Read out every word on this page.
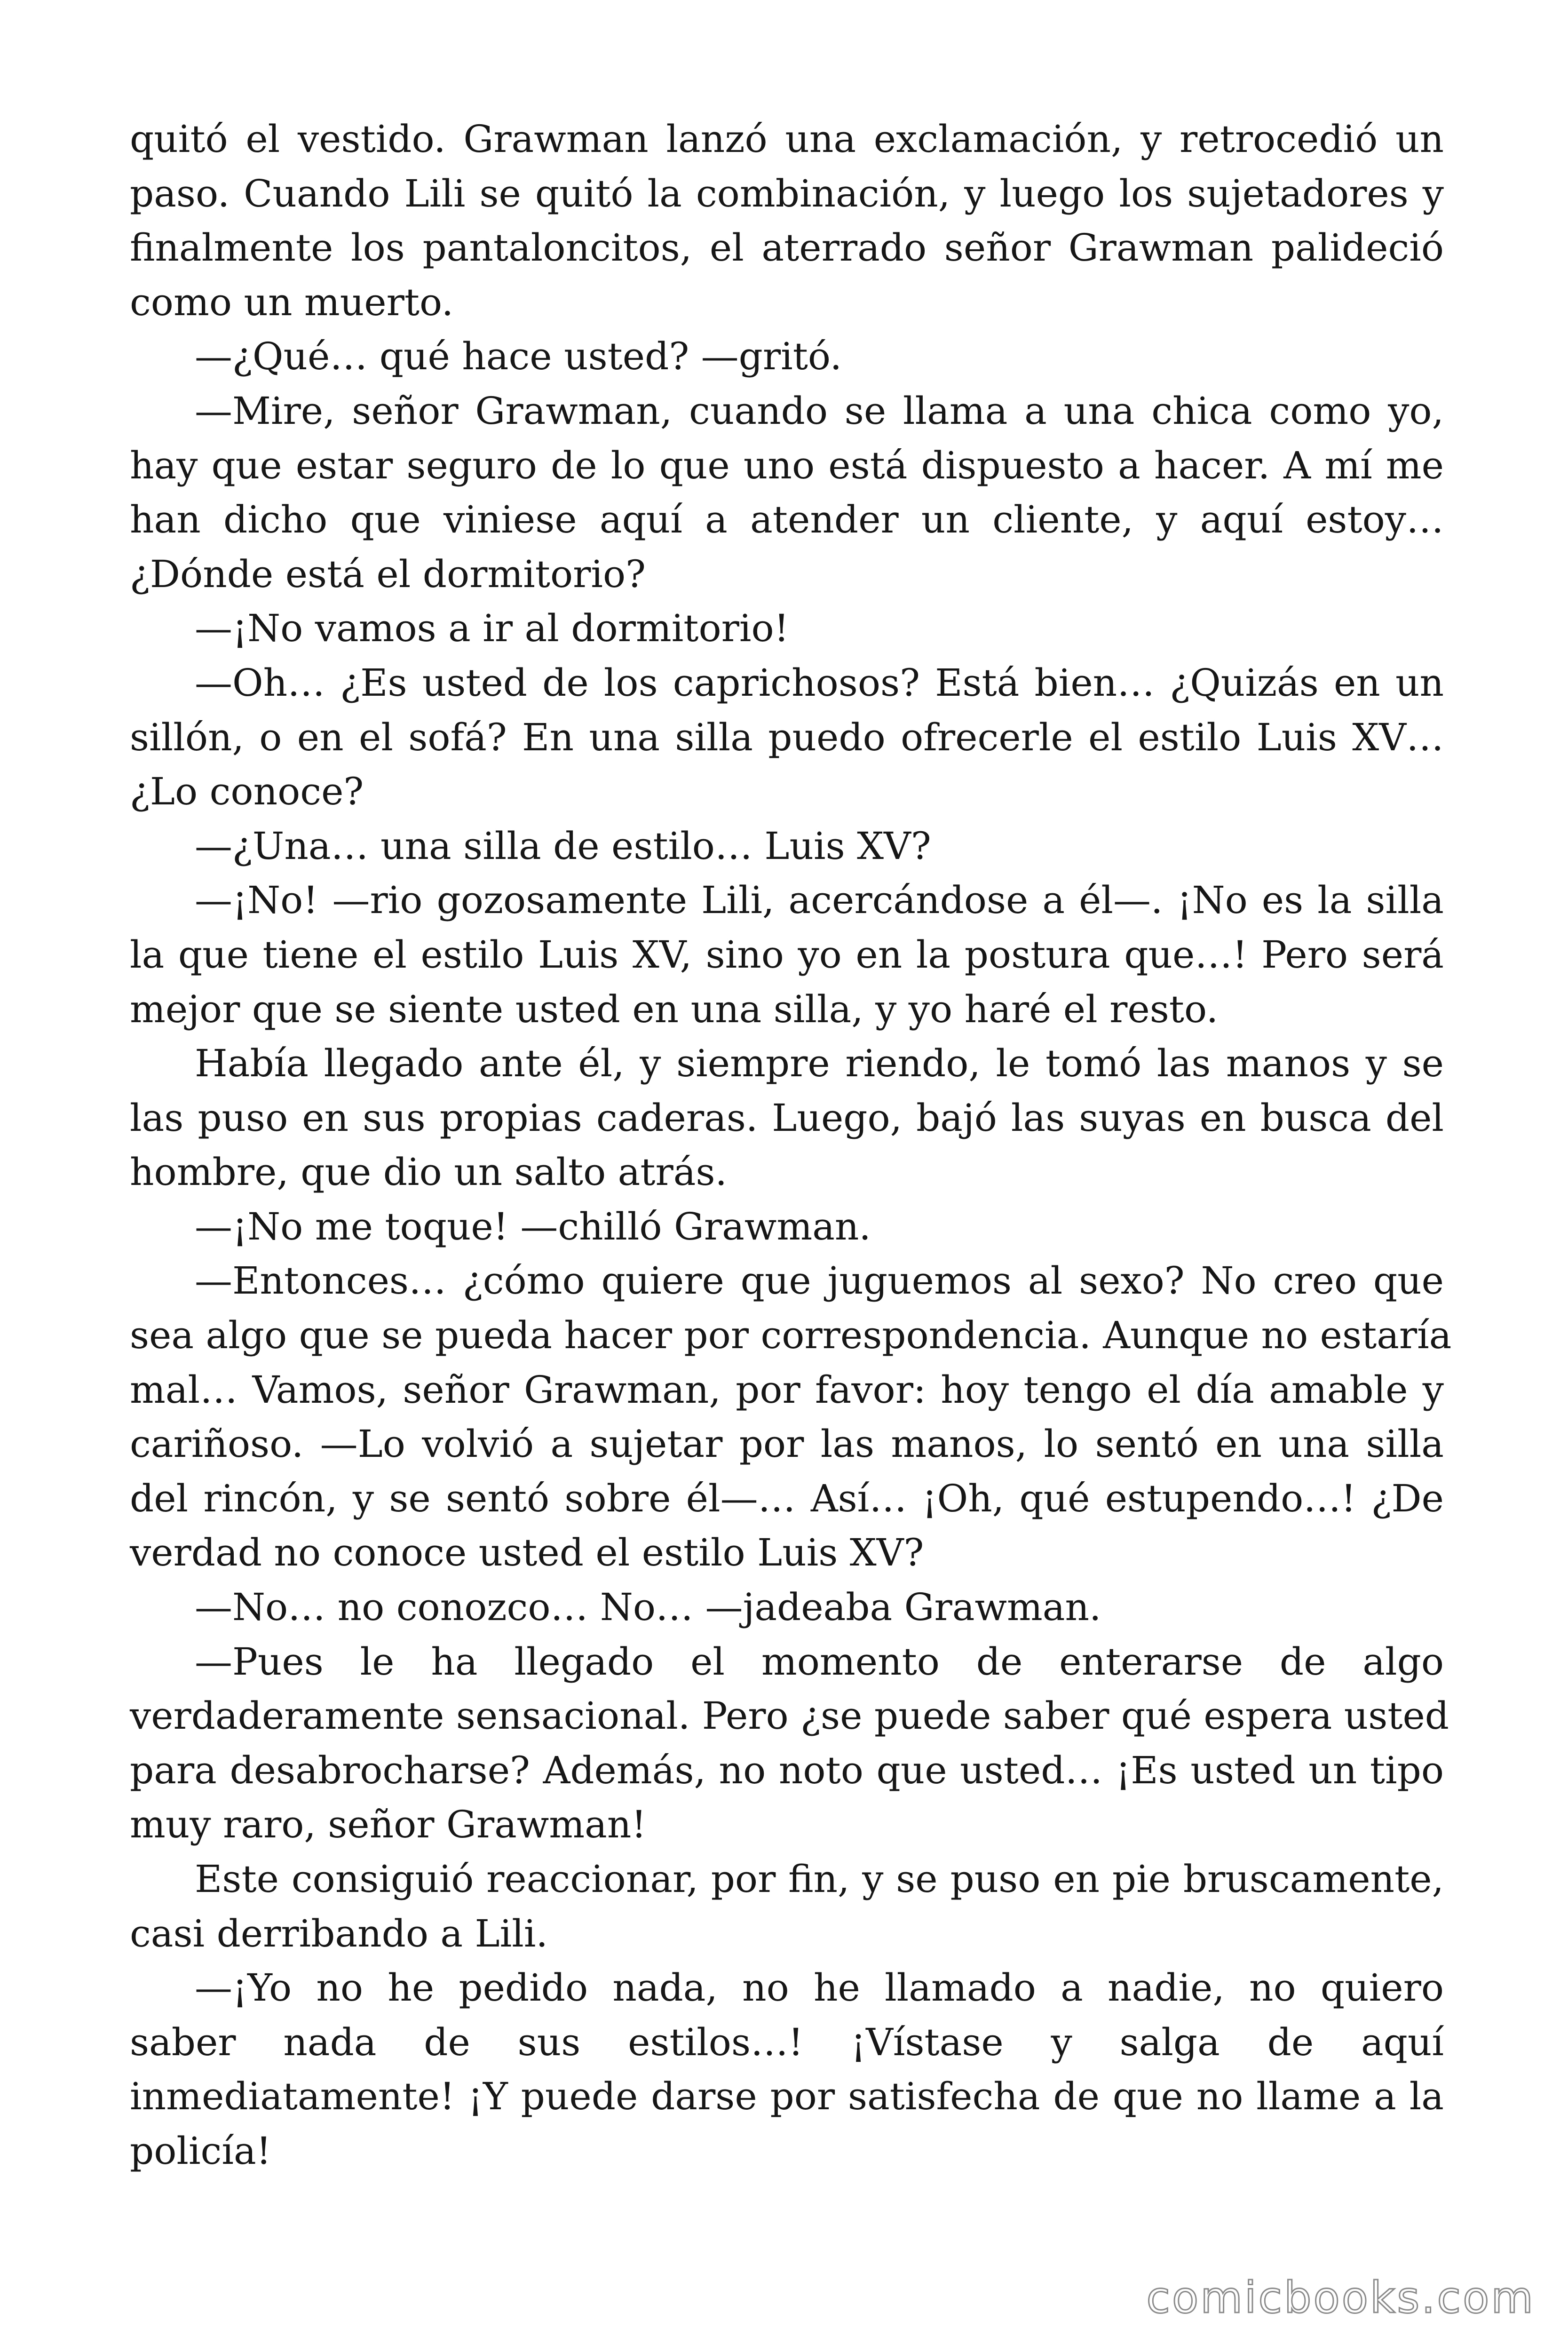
quitó el vestido. Grawman lanzó una exclamación, y retrocedió un
paso. Cuando Lili se quitó la combinación, y luego los sujetadores y
finalmente los pantaloncitos, el aterrado señor Grawman palideció
como un muerto.
—¿Qué… qué hace usted? —gritó.
—Mire, señor Grawman, cuando se llama a una chica como yo,
hay que estar seguro de lo que uno está dispuesto a hacer. A mí me
han dicho que viniese aquí a atender un cliente, y aquí estoy…
¿Dónde está el dormitorio?
—¡No vamos a ir al dormitorio!
—Oh… ¿Es usted de los caprichosos? Está bien… ¿Quizás en un
sillón, o en el sofá? En una silla puedo ofrecerle el estilo Luis XV…
¿Lo conoce?
—¿Una… una silla de estilo… Luis XV?
—¡No! —rio gozosamente Lili, acercándose a él—. ¡No es la silla
la que tiene el estilo Luis XV, sino yo en la postura que…! Pero será
mejor que se siente usted en una silla, y yo haré el resto.
Había llegado ante él, y siempre riendo, le tomó las manos y se
las puso en sus propias caderas. Luego, bajó las suyas en busca del
hombre, que dio un salto atrás.
—¡No me toque! —chilló Grawman.
—Entonces… ¿cómo quiere que juguemos al sexo? No creo que
sea algo que se pueda hacer por correspondencia. Aunque no estaría
mal… Vamos, señor Grawman, por favor: hoy tengo el día amable y
cariñoso. —Lo volvió a sujetar por las manos, lo sentó en una silla
del rincón, y se sentó sobre él—… Así… ¡Oh, qué estupendo…! ¿De
verdad no conoce usted el estilo Luis XV?
—No… no conozco… No… —jadeaba Grawman.
—Pues le ha llegado el momento de enterarse de algo
verdaderamente sensacional. Pero ¿se puede saber qué espera usted
para desabrocharse? Además, no noto que usted… ¡Es usted un tipo
muy raro, señor Grawman!
Este consiguió reaccionar, por fin, y se puso en pie bruscamente,
casi derribando a Lili.
—¡Yo no he pedido nada, no he llamado a nadie, no quiero
saber nada de sus estilos…! ¡Vístase y salga de aquí
inmediatamente! ¡Y puede darse por satisfecha de que no llame a la
policía!
comicbooks.com
